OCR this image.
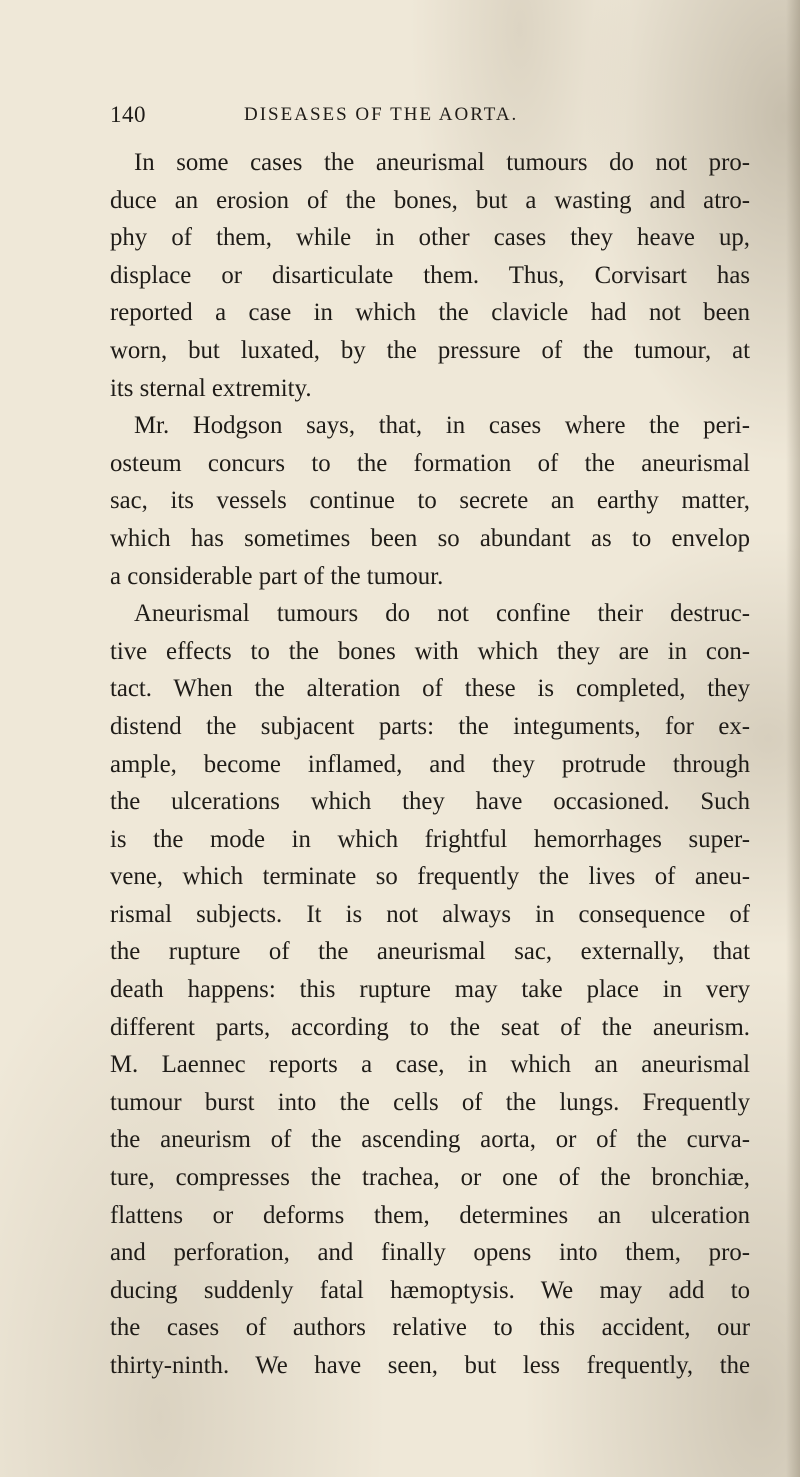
140	DISEASES OF THE AORTA.
In some cases the aneurismal tumours do not pro-
duce an erosion of the bones, but a wasting and atro-
phy of them, while in other cases they heave up,
displace or disarticulate them. Thus, Corvisart has
reported a case in which the clavicle had not been
worn, but luxated, by the pressure of the tumour, at
its sternal extremity.
Mr. Hodgson says, that, in cases where the peri-
osteum concurs to the formation of the aneurismal
sac, its vessels continue to secrete an earthy matter,
which has sometimes been so abundant as to envelop
a considerable part of the tumour.
Aneurismal tumours do not confine their destruc-
tive effects to the bones with which they are in con-
tact. When the alteration of these is completed, they
distend the subjacent parts: the integuments, for ex-
ample, become inflamed, and they protrude through
the ulcerations which they have occasioned. Such
is the mode in which frightful hemorrhages super-
vene, which terminate so frequently the lives of aneu-
rismal subjects. It is not always in consequence of
the rupture of the aneurismal sac, externally, that
death happens: this rupture may take place in very
different parts, according to the seat of the aneurism.
M. Laennec reports a case, in which an aneurismal
tumour burst into the cells of the lungs. Frequently
the aneurism of the ascending aorta, or of the curva-
ture, compresses the trachea, or one of the bronchiæ,
flattens or deforms them, determines an ulceration
and perforation, and finally opens into them, pro-
ducing suddenly fatal hæmoptysis. We may add to
the cases of authors relative to this accident, our
thirty-ninth. We have seen, but less frequently, the
